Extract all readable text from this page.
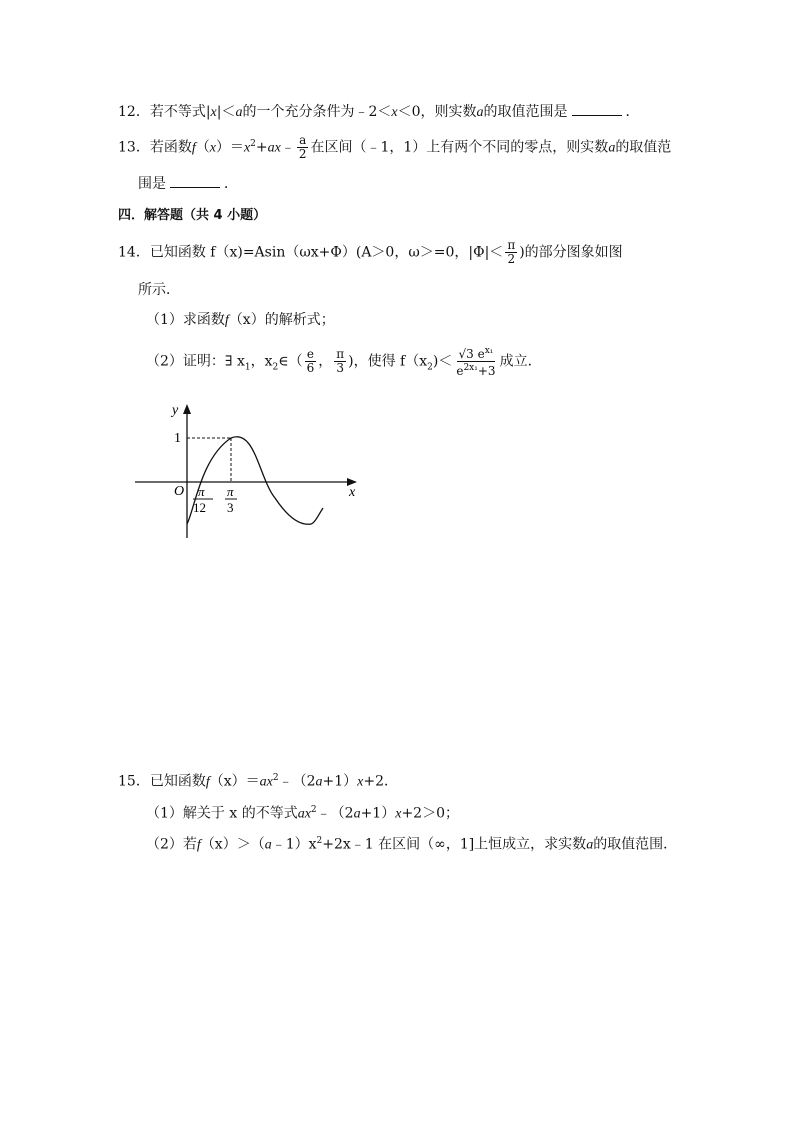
12．若不等式|x|＜a的一个充分条件为﹣2＜x＜0，则实数a的取值范围是	．
13．若函数$f(x)=x^2+ax﹣ \frac{a}{2}$ 在区间（﹣1，1）上有两个不同的零点，则实数a的取值范
围是	．
四．解答题（共 4 小题）
14．已知函数 f（x)=Asin（ωx+Φ）(A＞0，ω＞=0，$|\Phi|< \frac{\pi}{2}$ )的部分图象如图
所示．
（1）求函数f（x）的解析式；
（2）证明：∃ $x_1$，$x_2\in( \frac{e}{6}$ ， $\frac{\pi}{3}$ )，使得 $f(x_2)< \frac{√3 e^{x_1}}{e^{2x_1}+3}$ 成立．
y
x
O
1
π
12
π
3
15．已知函数$f(x)=ax^2﹣(2a+1)x+2$．
（1）解关于 x 的不等式$ax^2﹣(2a+1)x+2>0$；
（2）若$f(x)>(a﹣1)x^2+2x﹣1$ 在区间（∞，1]上恒成立，求实数a的取值范围．
